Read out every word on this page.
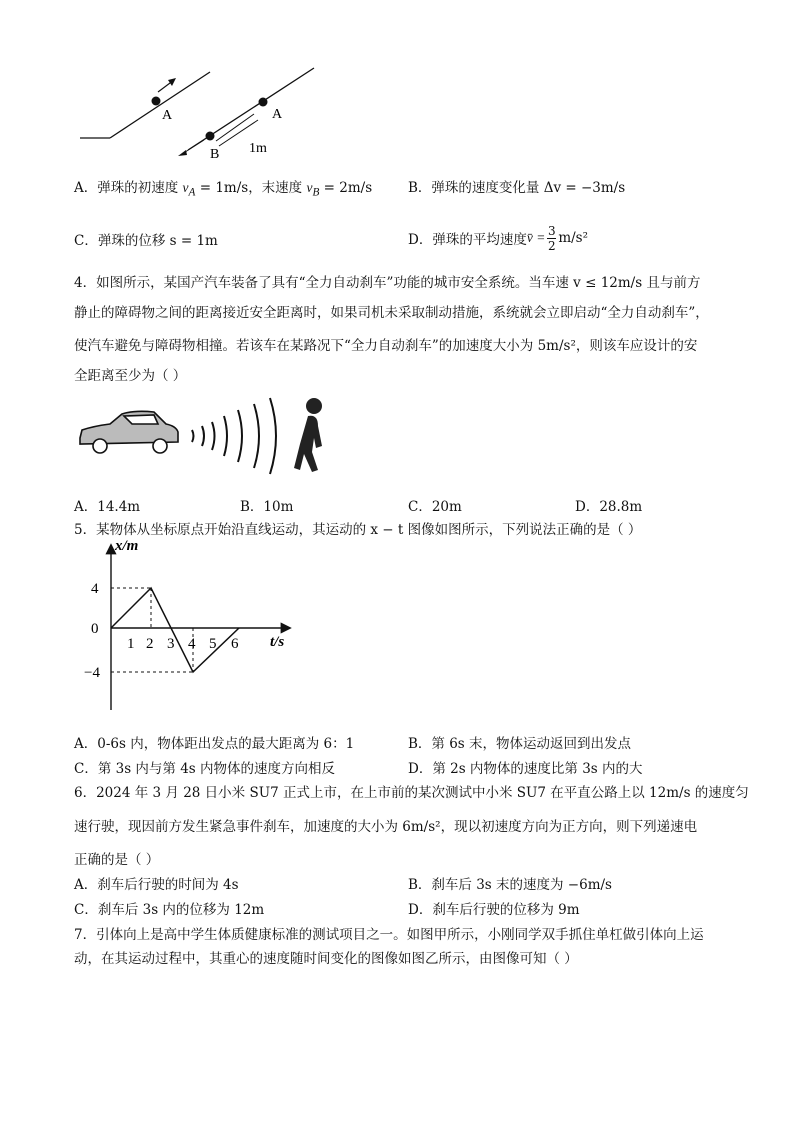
A	A
B 1m
A．弹珠的初速度 $v_A = 1m/s$，末速度 $v_B = 2m/s$	B．弹珠的速度变化量 Δv = −3m/s
C．弹珠的位移 s = 1m	D．弹珠的平均速度 v̄ = 3
2 m/s²
4．如图所示，某国产汽车装备了具有“全力自动刹车”功能的城市安全系统。当车速 v ≤ 12m/s 且与前方
静止的障碍物之间的距离接近安全距离时，如果司机未采取制动措施，系统就会立即启动“全力自动刹车”，
使汽车避免与障碍物相撞。若该车在某路况下“全力自动刹车”的加速度大小为 5m/s²，则该车应设计的安
全距离至少为（ ）
A．14.4m	B．10m	C．20m	D．28.8m
5．某物体从坐标原点开始沿直线运动，其运动的 x − t 图像如图所示，下列说法正确的是（ ）
x/m
t/s
4
0
−4
1 2 3 4 5 6
A．0-6s 内，物体距出发点的最大距离为 6：1	B．第 6s 末，物体运动返回到出发点
C．第 3s 内与第 4s 内物体的速度方向相反	D．第 2s 内物体的速度比第 3s 内的大
6．2024 年 3 月 28 日小米 SU7 正式上市，在上市前的某次测试中小米 SU7 在平直公路上以 12m/s 的速度匀
速行驶，现因前方发生紧急事件刹车，加速度的大小为 6m/s²，现以初速度方向为正方向，则下列递速电
正确的是（ ）
A．刹车后行驶的时间为 4s	B．刹车后 3s 末的速度为 −6m/s
C．刹车后 3s 内的位移为 12m	D．刹车后行驶的位移为 9m
7．引体向上是高中学生体质健康标准的测试项目之一。如图甲所示，小刚同学双手抓住单杠做引体向上运
动，在其运动过程中，其重心的速度随时间变化的图像如图乙所示，由图像可知（ ）
